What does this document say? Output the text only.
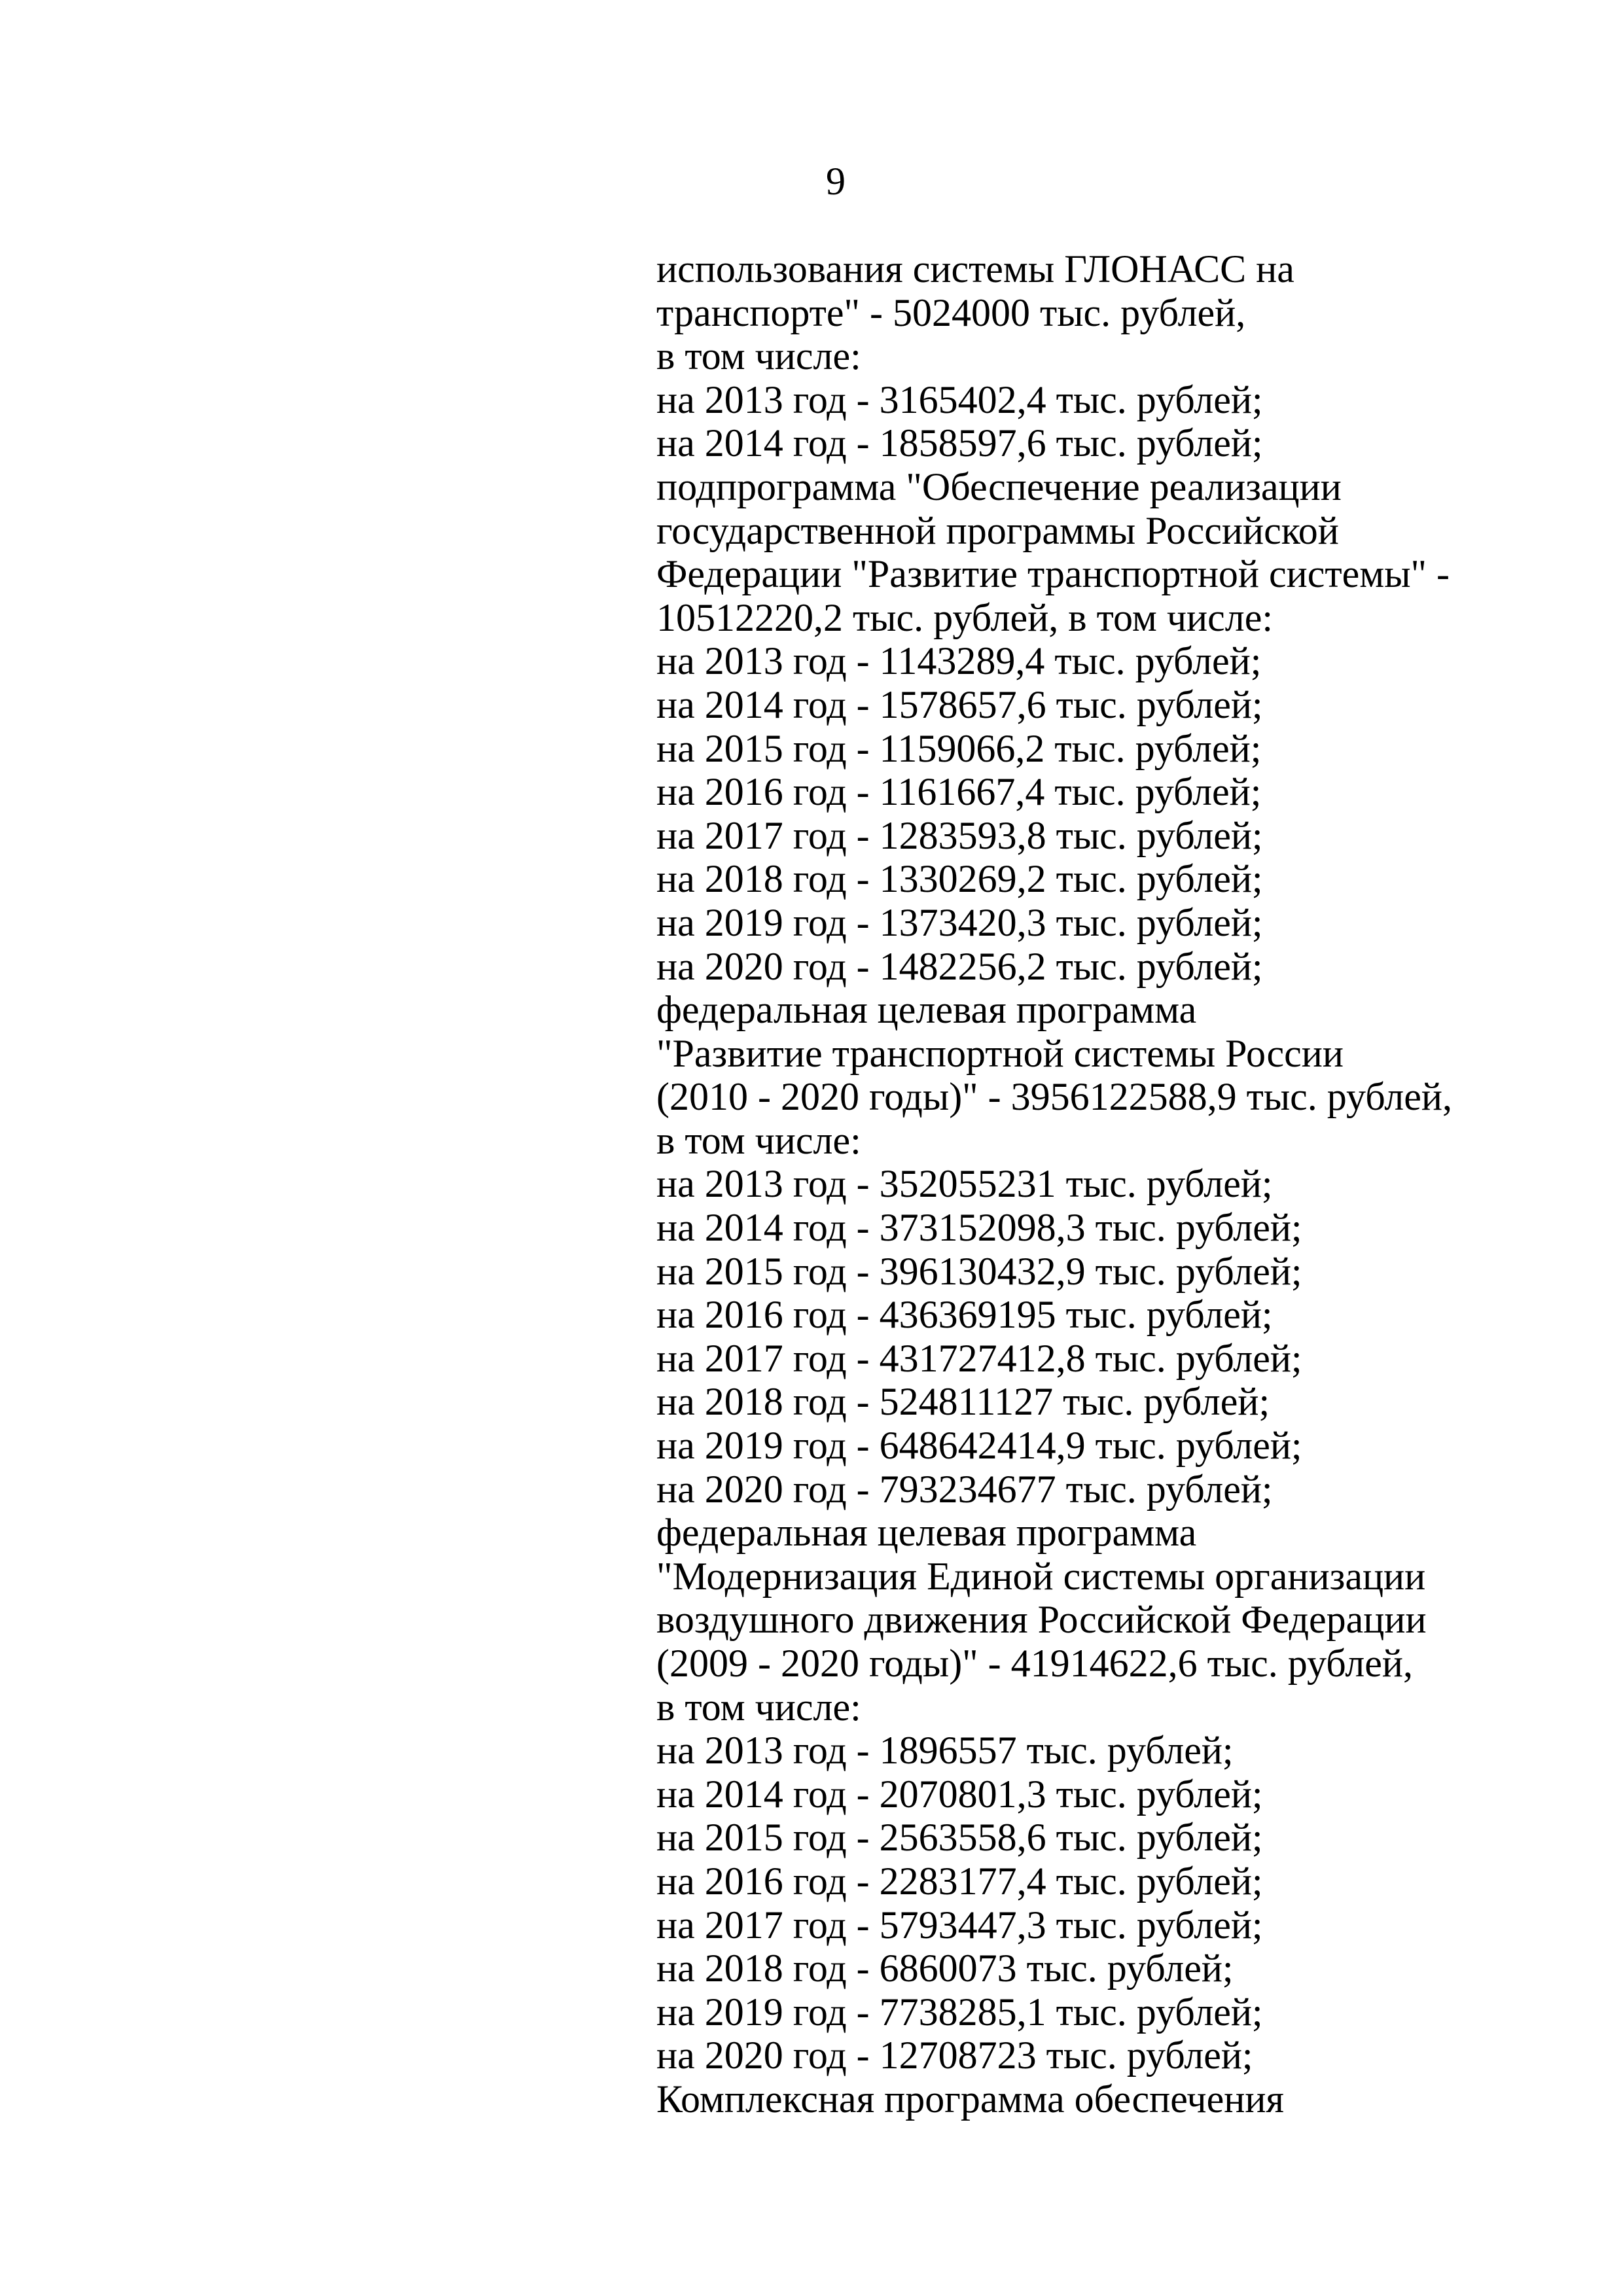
9
использования системы ГЛОНАСС на
транспорте" - 5024000 тыс. рублей,
в том числе:
на 2013 год - 3165402,4 тыс. рублей;
на 2014 год - 1858597,6 тыс. рублей;
подпрограмма "Обеспечение реализации
государственной программы Российской
Федерации "Развитие транспортной системы" -
10512220,2 тыс. рублей, в том числе:
на 2013 год - 1143289,4 тыс. рублей;
на 2014 год - 1578657,6 тыс. рублей;
на 2015 год - 1159066,2 тыс. рублей;
на 2016 год - 1161667,4 тыс. рублей;
на 2017 год - 1283593,8 тыс. рублей;
на 2018 год - 1330269,2 тыс. рублей;
на 2019 год - 1373420,3 тыс. рублей;
на 2020 год - 1482256,2 тыс. рублей;
федеральная целевая программа
"Развитие транспортной системы России
(2010 - 2020 годы)" - 3956122588,9 тыс. рублей,
в том числе:
на 2013 год - 352055231 тыс. рублей;
на 2014 год - 373152098,3 тыс. рублей;
на 2015 год - 396130432,9 тыс. рублей;
на 2016 год - 436369195 тыс. рублей;
на 2017 год - 431727412,8 тыс. рублей;
на 2018 год - 524811127 тыс. рублей;
на 2019 год - 648642414,9 тыс. рублей;
на 2020 год - 793234677 тыс. рублей;
федеральная целевая программа
"Модернизация Единой системы организации
воздушного движения Российской Федерации
(2009 - 2020 годы)" - 41914622,6 тыс. рублей,
в том числе:
на 2013 год - 1896557 тыс. рублей;
на 2014 год - 2070801,3 тыс. рублей;
на 2015 год - 2563558,6 тыс. рублей;
на 2016 год - 2283177,4 тыс. рублей;
на 2017 год - 5793447,3 тыс. рублей;
на 2018 год - 6860073 тыс. рублей;
на 2019 год - 7738285,1 тыс. рублей;
на 2020 год - 12708723 тыс. рублей;
Комплексная программа обеспечения
